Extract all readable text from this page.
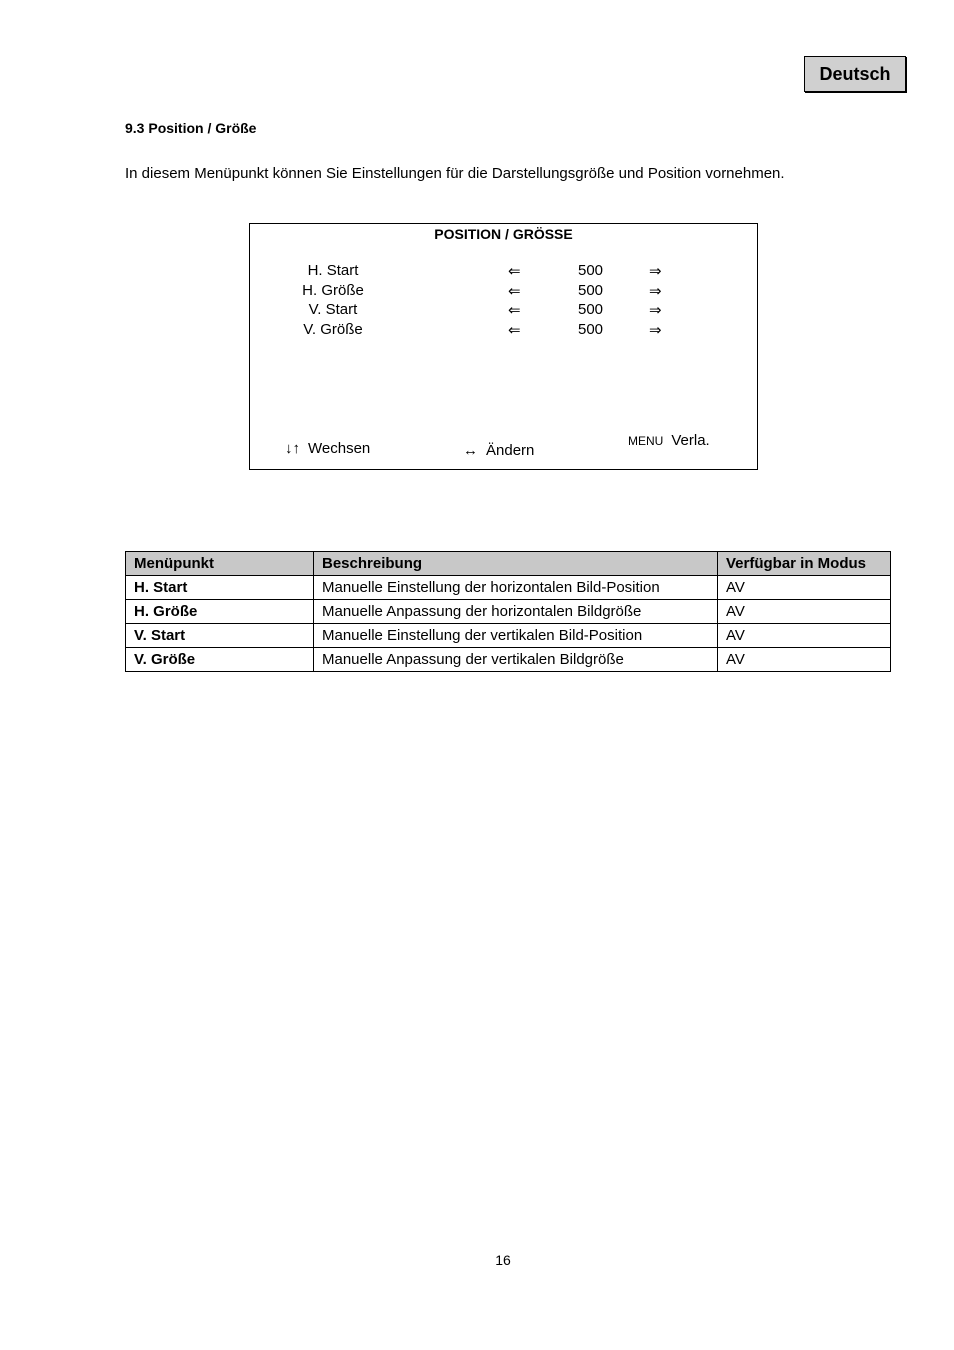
Deutsch
9.3 Position / Größe
In diesem Menüpunkt können Sie Einstellungen für die Darstellungsgröße und Position vornehmen.
POSITION / GRÖSSE
H. Start	⇐	500	⇒
H. Größe	⇐	500	⇒
V. Start	⇐	500	⇒
V. Größe	⇐	500	⇒
↓↑ Wechsen	↔ Ändern
MENU Verla.
Menüpunkt	Beschreibung	Verfügbar in Modus
H. Start	Manuelle Einstellung der horizontalen Bild-Position	AV
H. Größe	Manuelle Anpassung der horizontalen Bildgröße	AV
V. Start	Manuelle Einstellung der vertikalen Bild-Position	AV
V. Größe	Manuelle Anpassung der vertikalen Bildgröße	AV
16
